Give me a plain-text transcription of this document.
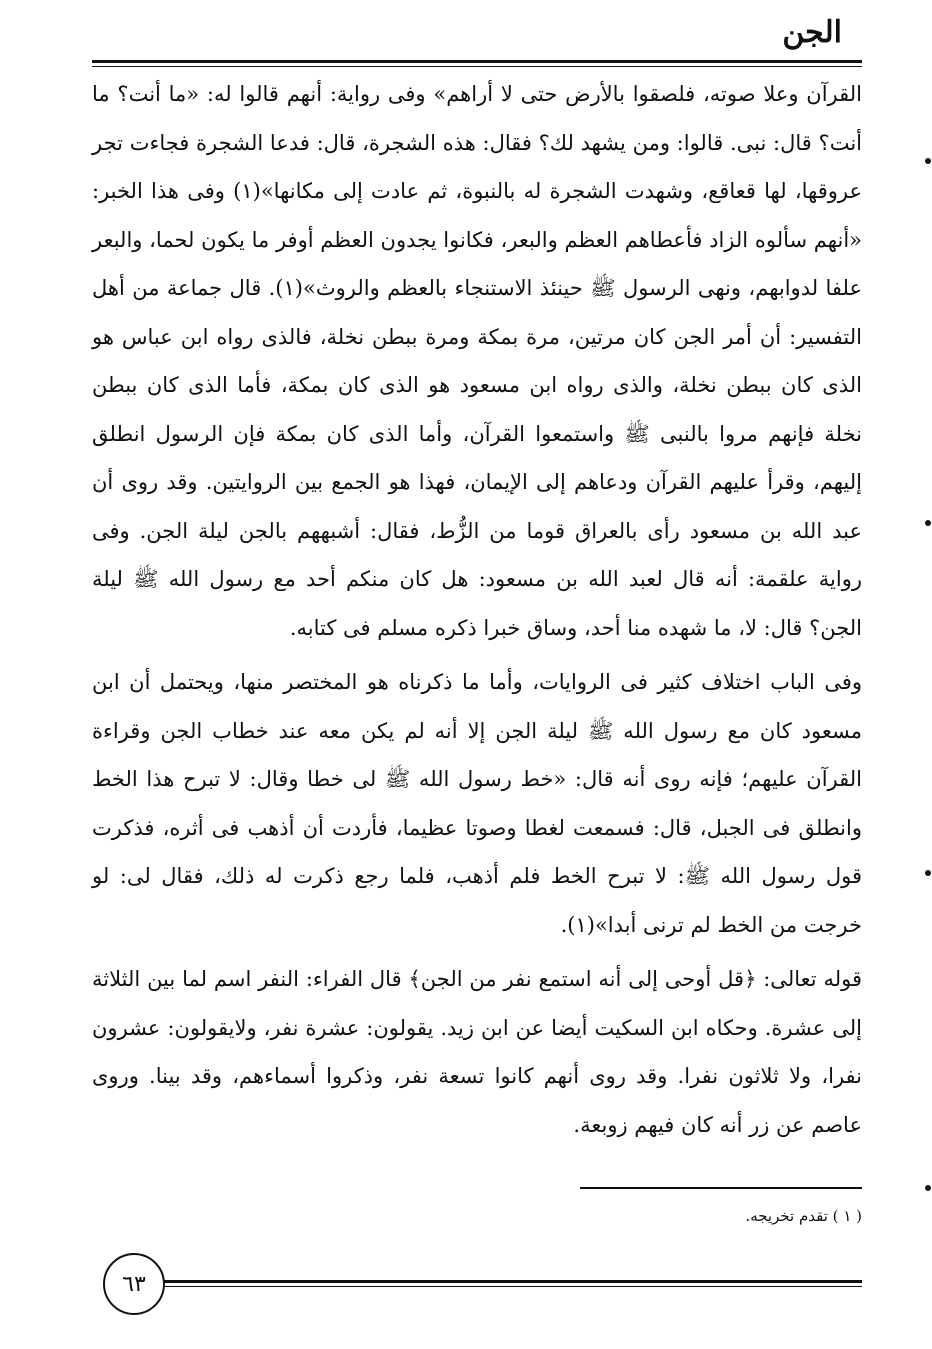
الجن

القرآن وعلا صوته، فلصقوا بالأرض حتى لا أراهم» وفى رواية: أنهم قالوا له: «ما أنت؟ ما أنت؟ قال: نبى. قالوا: ومن يشهد لك؟ فقال: هذه الشجرة، قال: فدعا الشجرة فجاءت تجر عروقها، لها قعاقع، وشهدت الشجرة له بالنبوة، ثم عادت إلى مكانها»(١) وفى هذا الخبر: «أنهم سألوه الزاد فأعطاهم العظم والبعر، فكانوا يجدون العظم أوفر ما يكون لحما، والبعر علفا لدوابهم، ونهى الرسول ﷺ حينئذ الاستنجاء بالعظم والروث»(١). قال جماعة من أهل التفسير: أن أمر الجن كان مرتين، مرة بمكة ومرة ببطن نخلة، فالذى رواه ابن عباس هو الذى كان ببطن نخلة، والذى رواه ابن مسعود هو الذى كان بمكة، فأما الذى كان ببطن نخلة فإنهم مروا بالنبى ﷺ واستمعوا القرآن، وأما الذى كان بمكة فإن الرسول انطلق إليهم، وقرأ عليهم القرآن ودعاهم إلى الإيمان، فهذا هو الجمع بين الروايتين. وقد روى أن عبد الله بن مسعود رأى بالعراق قوما من الزُّط، فقال: أشبههم بالجن ليلة الجن. وفى رواية علقمة: أنه قال لعبد الله بن مسعود: هل كان منكم أحد مع رسول الله ﷺ ليلة الجن؟ قال: لا، ما شهده منا أحد، وساق خبرا ذكره مسلم فى كتابه.

وفى الباب اختلاف كثير فى الروايات، وأما ما ذكرناه هو المختصر منها، ويحتمل أن ابن مسعود كان مع رسول الله ﷺ ليلة الجن إلا أنه لم يكن معه عند خطاب الجن وقراءة القرآن عليهم؛ فإنه روى أنه قال: «خط رسول الله ﷺ لى خطا وقال: لا تبرح هذا الخط وانطلق فى الجبل، قال: فسمعت لغطا وصوتا عظيما، فأردت أن أذهب فى أثره، فذكرت قول رسول الله ﷺ: لا تبرح الخط فلم أذهب، فلما رجع ذكرت له ذلك، فقال لى: لو خرجت من الخط لم ترنى أبدا»(١).

قوله تعالى: ﴿قل أوحى إلى أنه استمع نفر من الجن﴾ قال الفراء: النفر اسم لما بين الثلاثة إلى عشرة. وحكاه ابن السكيت أيضا عن ابن زيد. يقولون: عشرة نفر، ولايقولون: عشرون نفرا، ولا ثلاثون نفرا. وقد روى أنهم كانوا تسعة نفر، وذكروا أسماءهم، وقد بينا. وروى عاصم عن زر أنه كان فيهم زوبعة.

( ١ ) تقدم تخريجه.
٦٣
